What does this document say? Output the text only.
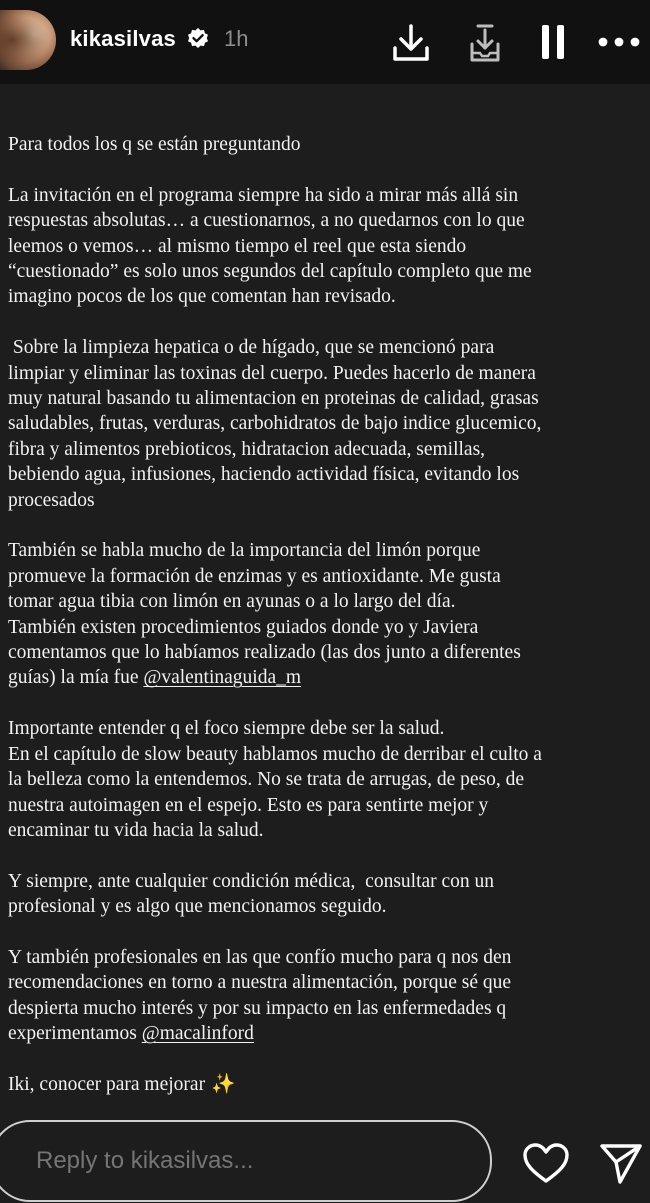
kikasilvas 1h
Para todos los q se están preguntando
La invitación en el programa siempre ha sido a mirar más allá sin
respuestas absolutas… a cuestionarnos, a no quedarnos con lo que
leemos o vemos… al mismo tiempo el reel que esta siendo
“cuestionado” es solo unos segundos del capítulo completo que me
imagino pocos de los que comentan han revisado.
Sobre la limpieza hepatica o de hígado, que se mencionó para
limpiar y eliminar las toxinas del cuerpo. Puedes hacerlo de manera
muy natural basando tu alimentacion en proteinas de calidad, grasas
saludables, frutas, verduras, carbohidratos de bajo indice glucemico,
fibra y alimentos prebioticos, hidratacion adecuada, semillas,
bebiendo agua, infusiones, haciendo actividad física, evitando los
procesados
También se habla mucho de la importancia del limón porque
promueve la formación de enzimas y es antioxidante. Me gusta
tomar agua tibia con limón en ayunas o a lo largo del día.
También existen procedimientos guiados donde yo y Javiera
comentamos que lo habíamos realizado (las dos junto a diferentes
guías) la mía fue @valentinaguida_m
Importante entender q el foco siempre debe ser la salud.
En el capítulo de slow beauty hablamos mucho de derribar el culto a
la belleza como la entendemos. No se trata de arrugas, de peso, de
nuestra autoimagen en el espejo. Esto es para sentirte mejor y
encaminar tu vida hacia la salud.
Y siempre, ante cualquier condición médica,  consultar con un
profesional y es algo que mencionamos seguido.
Y también profesionales en las que confío mucho para q nos den
recomendaciones en torno a nuestra alimentación, porque sé que
despierta mucho interés y por su impacto en las enfermedades q
experimentamos @macalinford
Iki, conocer para mejorar ✨
Reply to kikasilvas...
